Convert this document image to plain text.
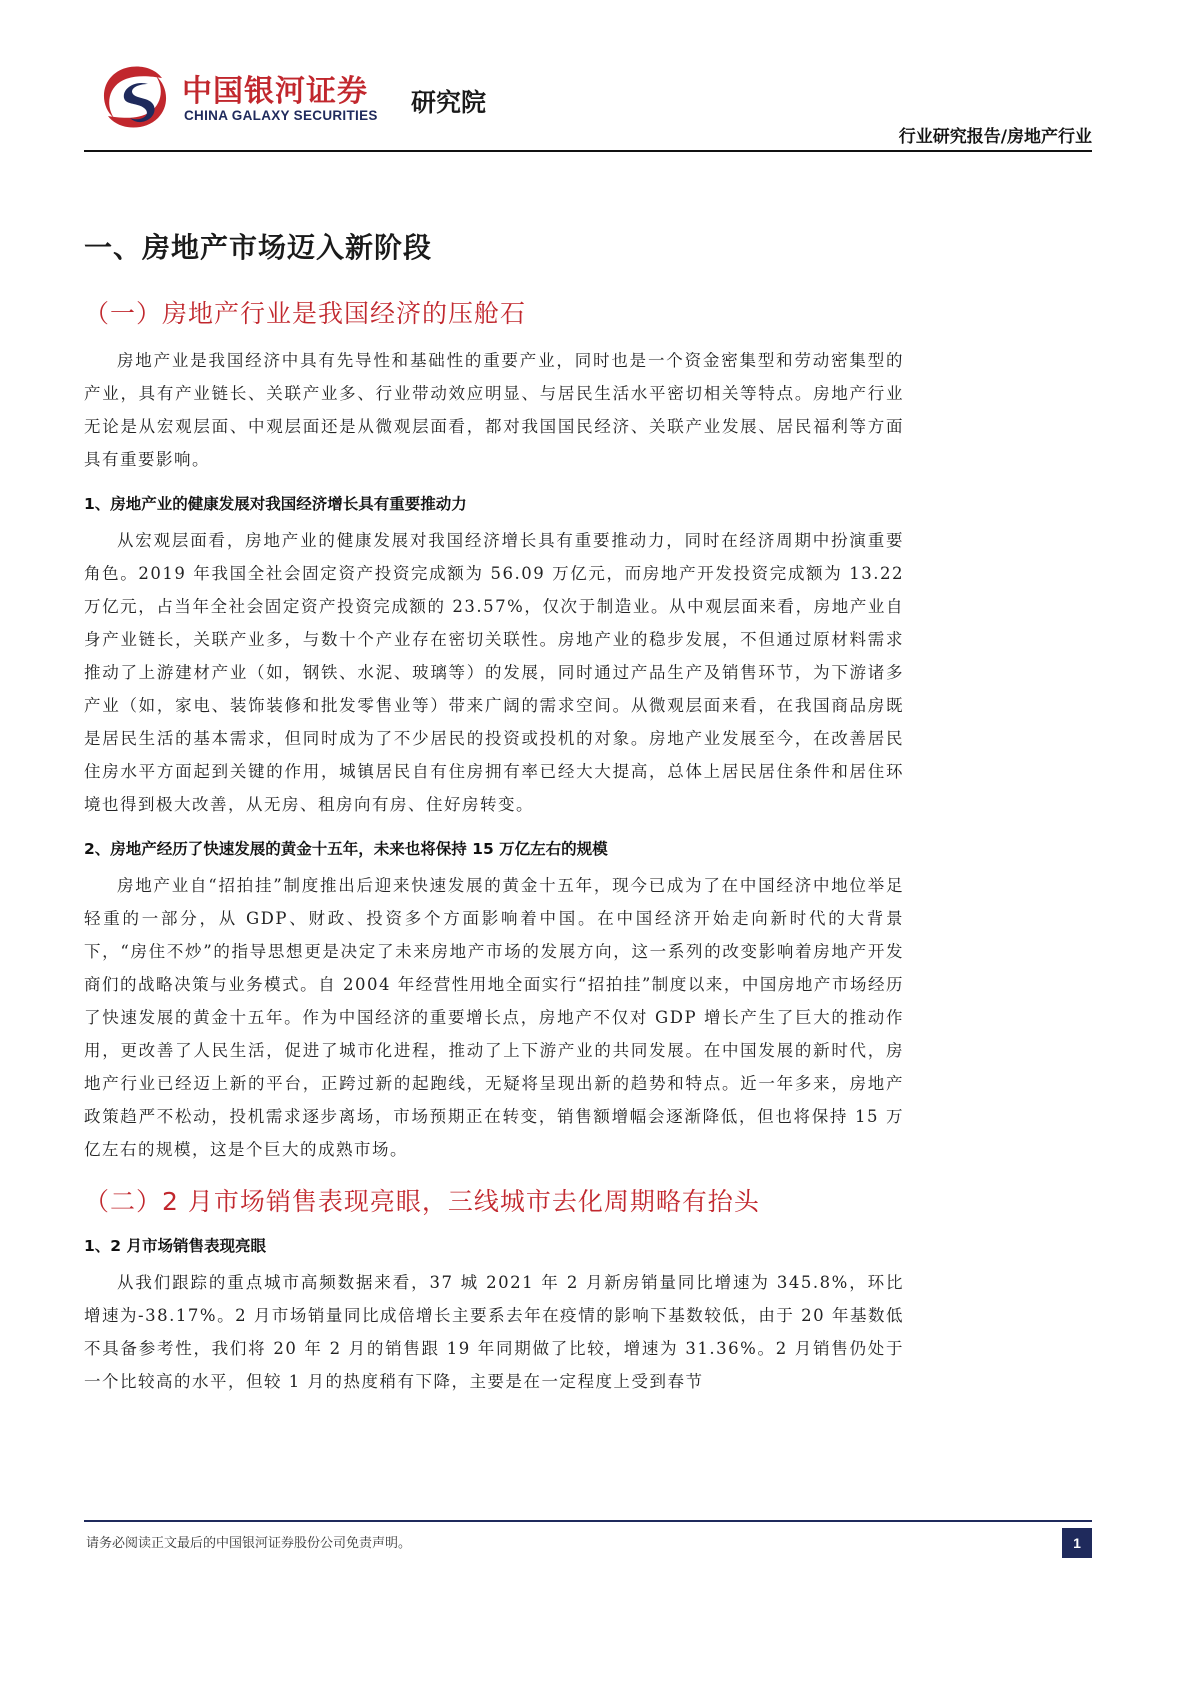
中国银河证券
CHINA GALAXY SECURITIES 研究院
行业研究报告/房地产行业
一、房地产市场迈入新阶段
（一）房地产行业是我国经济的压舱石

房地产业是我国经济中具有先导性和基础性的重要产业，同时也是一个资金密集型和劳动密集型的产业，具有产业链长、关联产业多、行业带动效应明显、与居民生活水平密切相关等特点。房地产行业无论是从宏观层面、中观层面还是从微观层面看，都对我国国民经济、关联产业发展、居民福利等方面具有重要影响。

1、房地产业的健康发展对我国经济增长具有重要推动力

从宏观层面看，房地产业的健康发展对我国经济增长具有重要推动力，同时在经济周期中扮演重要角色。2019 年我国全社会固定资产投资完成额为 56.09 万亿元，而房地产开发投资完成额为 13.22 万亿元，占当年全社会固定资产投资完成额的 23.57%，仅次于制造业。从中观层面来看，房地产业自身产业链长，关联产业多，与数十个产业存在密切关联性。房地产业的稳步发展，不但通过原材料需求推动了上游建材产业（如，钢铁、水泥、玻璃等）的发展，同时通过产品生产及销售环节，为下游诸多产业（如，家电、装饰装修和批发零售业等）带来广阔的需求空间。从微观层面来看，在我国商品房既是居民生活的基本需求，但同时成为了不少居民的投资或投机的对象。房地产业发展至今，在改善居民住房水平方面起到关键的作用，城镇居民自有住房拥有率已经大大提高，总体上居民居住条件和居住环境也得到极大改善，从无房、租房向有房、住好房转变。

2、房地产经历了快速发展的黄金十五年，未来也将保持 15 万亿左右的规模

房地产业自“招拍挂”制度推出后迎来快速发展的黄金十五年，现今已成为了在中国经济中地位举足轻重的一部分，从 GDP、财政、投资多个方面影响着中国。在中国经济开始走向新时代的大背景下，“房住不炒”的指导思想更是决定了未来房地产市场的发展方向，这一系列的改变影响着房地产开发商们的战略决策与业务模式。自 2004 年经营性用地全面实行“招拍挂”制度以来，中国房地产市场经历了快速发展的黄金十五年。作为中国经济的重要增长点，房地产不仅对 GDP 增长产生了巨大的推动作用，更改善了人民生活，促进了城市化进程，推动了上下游产业的共同发展。在中国发展的新时代，房地产行业已经迈上新的平台，正跨过新的起跑线，无疑将呈现出新的趋势和特点。近一年多来，房地产政策趋严不松动，投机需求逐步离场，市场预期正在转变，销售额增幅会逐渐降低，但也将保持 15 万亿左右的规模，这是个巨大的成熟市场。

（二）2 月市场销售表现亮眼，三线城市去化周期略有抬头
1、2 月市场销售表现亮眼

从我们跟踪的重点城市高频数据来看，37 城 2021 年 2 月新房销量同比增速为 345.8%，环比增速为-38.17%。2 月市场销量同比成倍增长主要系去年在疫情的影响下基数较低，由于 20 年基数低不具备参考性，我们将 20 年 2 月的销售跟 19 年同期做了比较，增速为 31.36%。2 月销售仍处于一个比较高的水平，但较 1 月的热度稍有下降，主要是在一定程度上受到春节

请务必阅读正文最后的中国银河证券股份公司免责声明。	1
